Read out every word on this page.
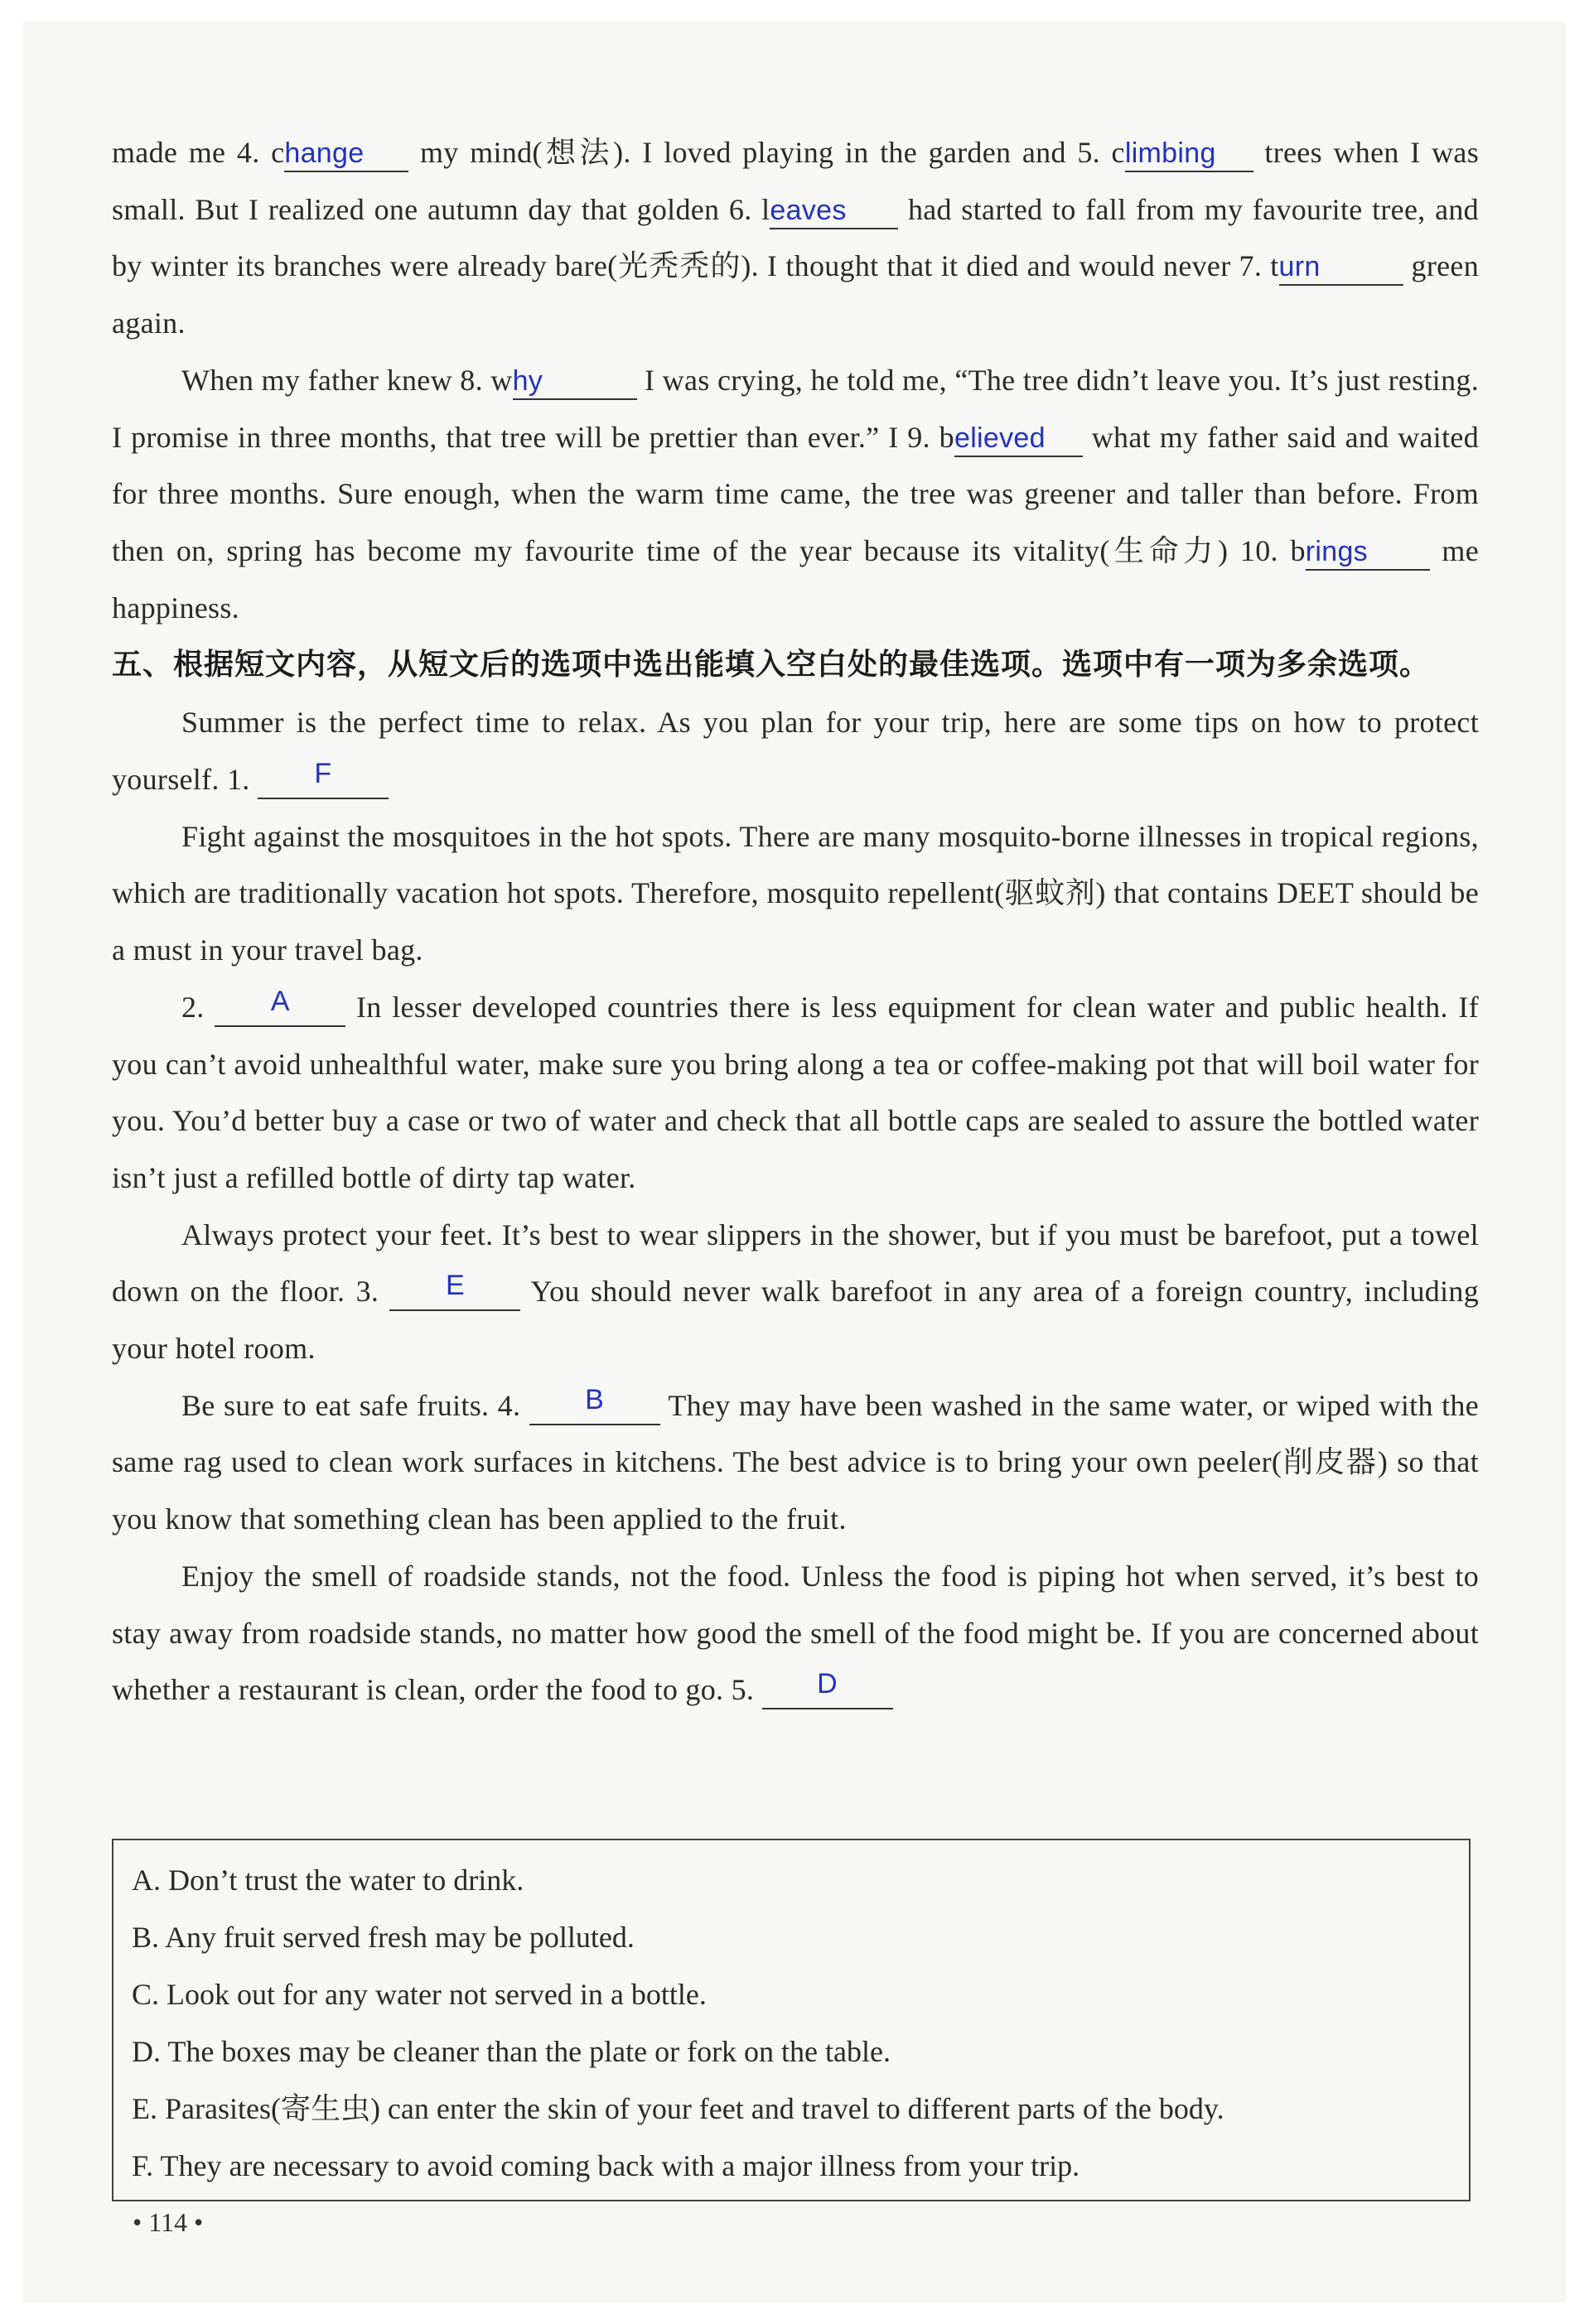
made me 4. change my mind(想法). I loved playing in the garden and 5. climbing trees when I was small. But I realized one autumn day that golden 6. leaves had started to fall from my favourite tree, and by winter its branches were already bare(光秃秃的). I thought that it died and would never 7. turn	green again.

When my father knew 8. why	I was crying, he told me, “The tree didn’t leave you. It’s just resting. I promise in three months, that tree will be prettier than ever.” I 9. believed what my father said and waited for three months. Sure enough, when the warm time came, the tree was greener and taller than before. From then on, spring has become my favourite time of the year because its vitality(生命力) 10. brings me happiness.

五、根据短文内容，从短文后的选项中选出能填入空白处的最佳选项。选项中有一项为多余选项。

Summer is the perfect time to relax. As you plan for your trip, here are some tips on how to protect yourself. 1. F

Fight against the mosquitoes in the hot spots. There are many mosquito-borne illnesses in tropical regions, which are traditionally vacation hot spots. Therefore, mosquito repellent(驱蚊剂) that contains DEET should be a must in your travel bag.

2. A In lesser developed countries there is less equipment for clean water and public health. If you can’t avoid unhealthful water, make sure you bring along a tea or coffee-making pot that will boil water for you. You’d better buy a case or two of water and check that all bottle caps are sealed to assure the bottled water isn’t just a refilled bottle of dirty tap water.

Always protect your feet. It’s best to wear slippers in the shower, but if you must be barefoot, put a towel down on the floor. 3. E You should never walk barefoot in any area of a foreign country, including your hotel room.

Be sure to eat safe fruits. 4. B They may have been washed in the same water, or wiped with the same rag used to clean work surfaces in kitchens. The best advice is to bring your own peeler(削皮器) so that you know that something clean has been applied to the fruit.

Enjoy the smell of roadside stands, not the food. Unless the food is piping hot when served, it’s best to stay away from roadside stands, no matter how good the smell of the food might be. If you are concerned about whether a restaurant is clean, order the food to go. 5. D

A. Don’t trust the water to drink.
B. Any fruit served fresh may be polluted.
C. Look out for any water not served in a bottle.
D. The boxes may be cleaner than the plate or fork on the table.
E. Parasites(寄生虫) can enter the skin of your feet and travel to different parts of the body.
F. They are necessary to avoid coming back with a major illness from your trip.
• 114 •
